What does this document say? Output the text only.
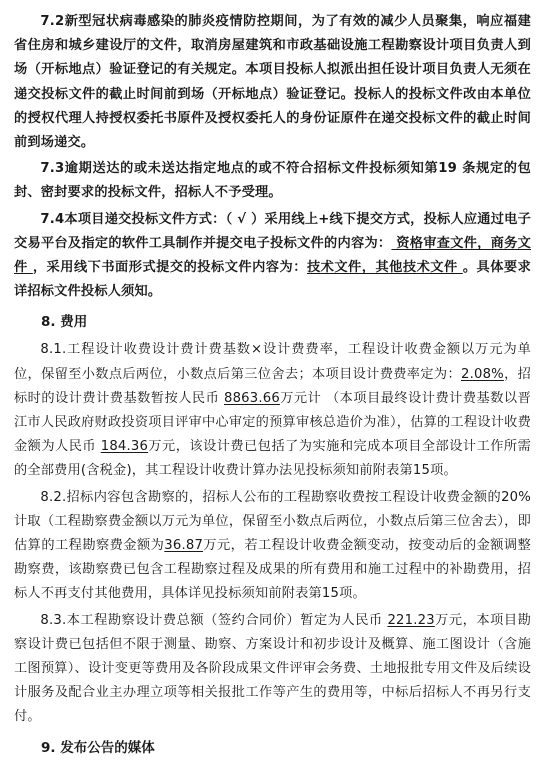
7.2新型冠状病毒感染的肺炎疫情防控期间，为了有效的减少人员聚集，响应福建省住房和城乡建设厅的文件，取消房屋建筑和市政基础设施工程勘察设计项目负责人到场（开标地点）验证登记的有关规定。本项目投标人拟派出担任设计项目负责人无须在递交投标文件的截止时间前到场（开标地点）验证登记。投标人的投标文件改由本单位的授权代理人持授权委托书原件及授权委托人的身份证原件在递交投标文件的截止时间前到场递交。

7.3逾期送达的或未送达指定地点的或不符合招标文件投标须知第19 条规定的包封、密封要求的投标文件，招标人不予受理。

7.4本项目递交投标文件方式：（ √ ）采用线上+线下提交方式，投标人应通过电子交易平台及指定的软件工具制作并提交电子投标文件的内容为： 资格审查文件，商务文件 ，采用线下书面形式提交的投标文件内容为：技术文件，其他技术文件 。具体要求详招标文件投标人须知。

8. 费用

8.1.工程设计收费设计费计费基数×设计费费率，工程设计收费金额以万元为单位，保留至小数点后两位，小数点后第三位舍去；本项目设计费费率定为：2.08%，招标时的设计费计费基数暂按人民币 8863.66万元计 （本项目最终设计费计费基数以晋江市人民政府财政投资项目评审中心审定的预算审核总造价为准），估算的工程设计收费金额为人民币 184.36万元，该设计费已包括了为实施和完成本项目全部设计工作所需的全部费用(含税金)，其工程设计收费计算办法见投标须知前附表第15项。

8.2.招标内容包含勘察的，招标人公布的工程勘察收费按工程设计收费金额的20%计取（工程勘察费金额以万元为单位，保留至小数点后两位，小数点后第三位舍去），即估算的工程勘察费金额为36.87万元，若工程设计收费金额变动，按变动后的金额调整勘察费，该勘察费已包含工程勘察过程及成果的所有费用和施工过程中的补勘费用，招标人不再支付其他费用，具体详见投标须知前附表第15项。

8.3.本工程勘察设计费总额（签约合同价）暂定为人民币 221.23万元，本项目勘察设计费已包括但不限于测量、勘察、方案设计和初步设计及概算、施工图设计（含施工图预算）、设计变更等费用及各阶段成果文件评审会务费、土地报批专用文件及后续设计服务及配合业主办理立项等相关报批工作等产生的费用等，中标后招标人不再另行支付。

9. 发布公告的媒体
